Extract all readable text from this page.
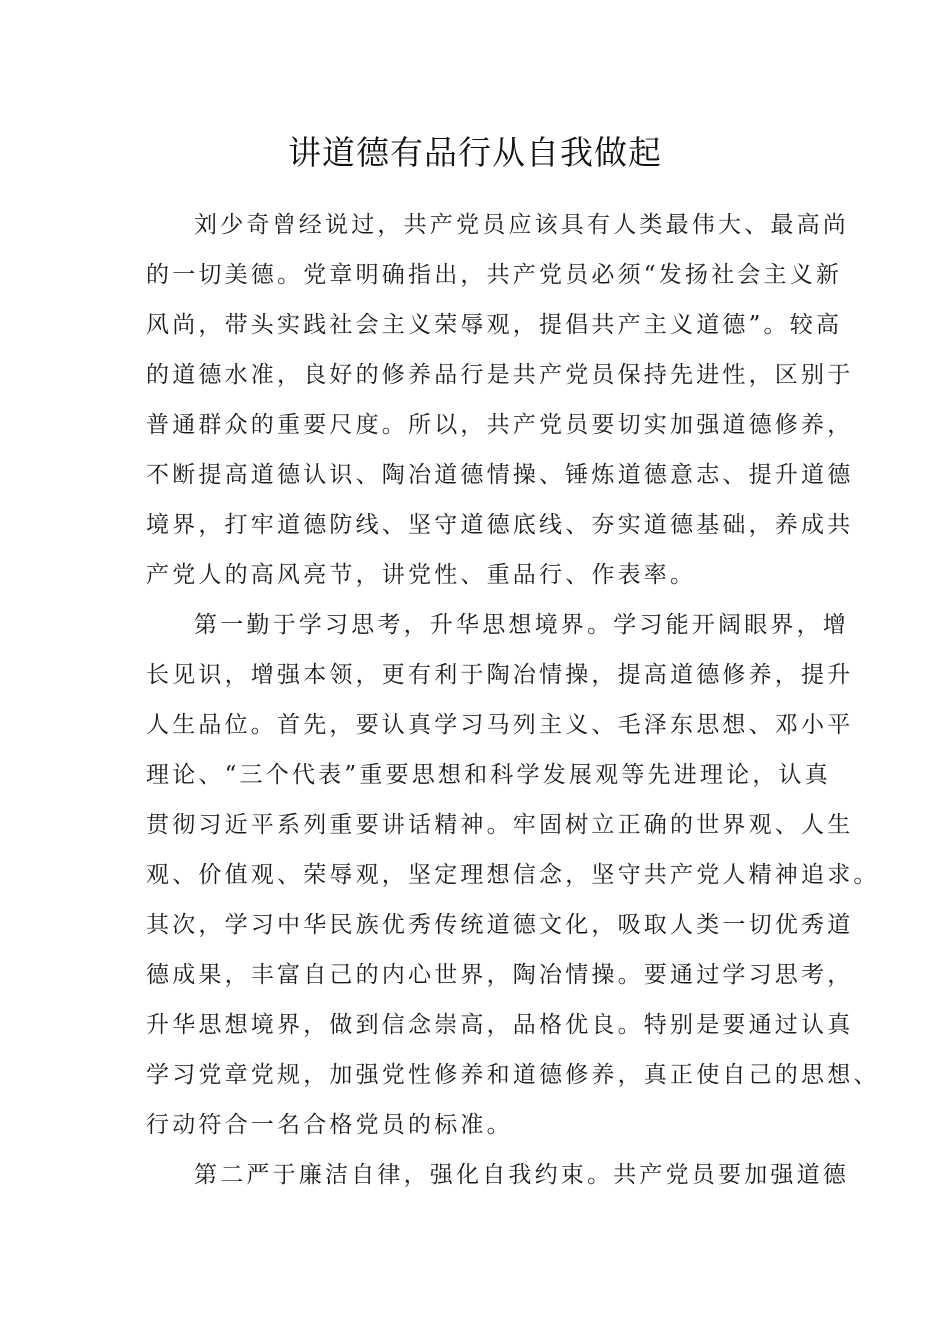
讲道德有品行从自我做起
刘少奇曾经说过，共产党员应该具有人类最伟大、最高尚
的一切美德。党章明确指出，共产党员必须“发扬社会主义新
风尚，带头实践社会主义荣辱观，提倡共产主义道德”。较高
的道德水准，良好的修养品行是共产党员保持先进性，区别于
普通群众的重要尺度。所以，共产党员要切实加强道德修养，
不断提高道德认识、陶冶道德情操、锤炼道德意志、提升道德
境界，打牢道德防线、坚守道德底线、夯实道德基础，养成共
产党人的高风亮节，讲党性、重品行、作表率。
第一勤于学习思考，升华思想境界。学习能开阔眼界，增
长见识，增强本领，更有利于陶冶情操，提高道德修养，提升
人生品位。首先，要认真学习马列主义、毛泽东思想、邓小平
理论、“三个代表”重要思想和科学发展观等先进理论，认真
贯彻习近平系列重要讲话精神。牢固树立正确的世界观、人生
观、价值观、荣辱观，坚定理想信念，坚守共产党人精神追求。
其次，学习中华民族优秀传统道德文化，吸取人类一切优秀道
德成果，丰富自己的内心世界，陶冶情操。要通过学习思考，
升华思想境界，做到信念崇高，品格优良。特别是要通过认真
学习党章党规，加强党性修养和道德修养，真正使自己的思想、
行动符合一名合格党员的标准。
第二严于廉洁自律，强化自我约束。共产党员要加强道德
